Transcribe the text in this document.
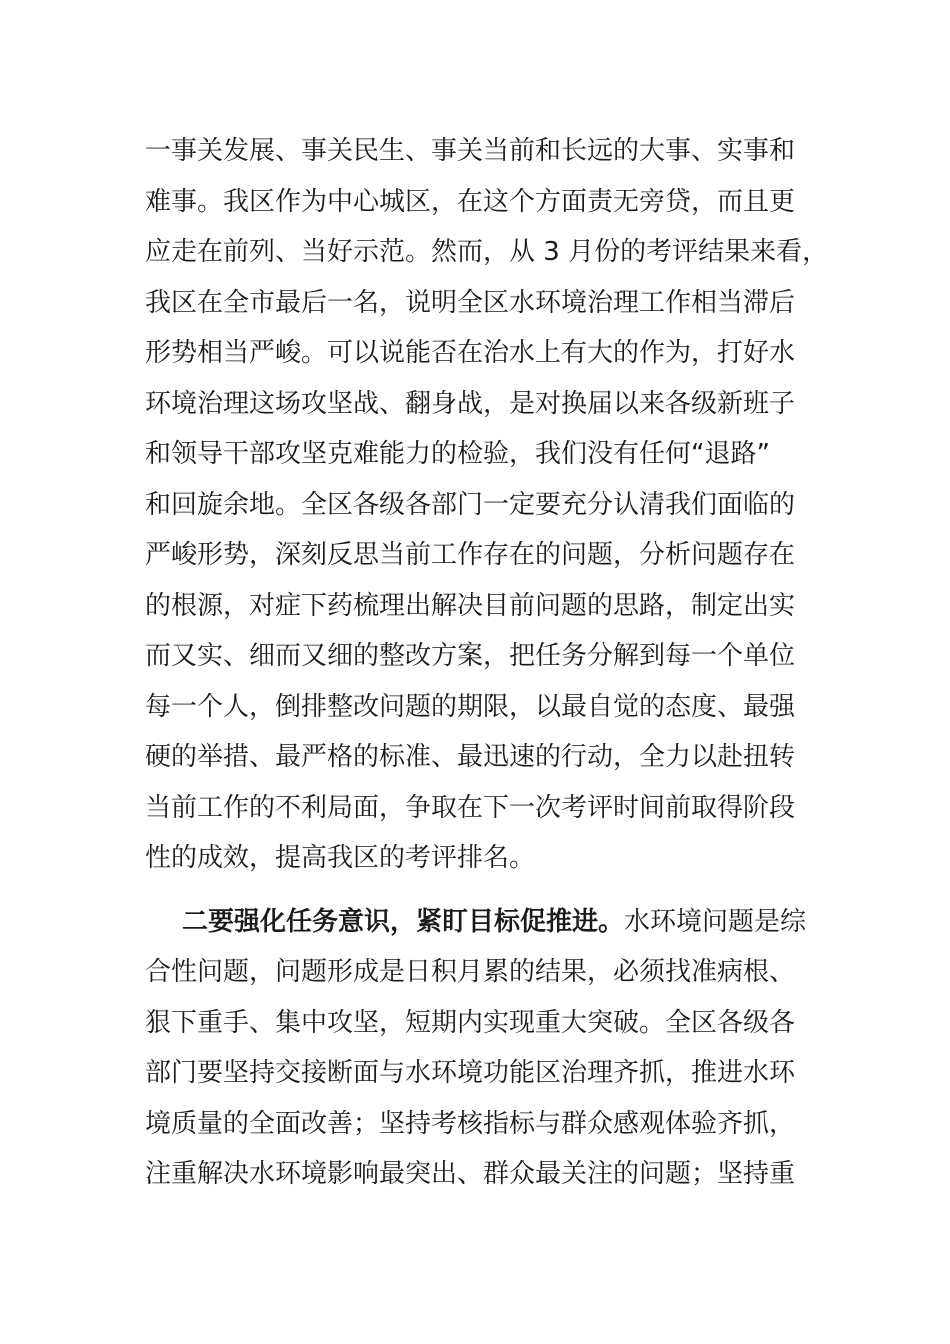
一事关发展、事关民生、事关当前和长远的大事、实事和
难事。我区作为中心城区，在这个方面责无旁贷，而且更
应走在前列、当好示范。然而，从 3 月份的考评结果来看，
我区在全市最后一名，说明全区水环境治理工作相当滞后
形势相当严峻。可以说能否在治水上有大的作为，打好水
环境治理这场攻坚战、翻身战，是对换届以来各级新班子
和领导干部攻坚克难能力的检验，我们没有任何“退路”
和回旋余地。全区各级各部门一定要充分认清我们面临的
严峻形势，深刻反思当前工作存在的问题，分析问题存在
的根源，对症下药梳理出解决目前问题的思路，制定出实
而又实、细而又细的整改方案，把任务分解到每一个单位
每一个人，倒排整改问题的期限，以最自觉的态度、最强
硬的举措、最严格的标准、最迅速的行动，全力以赴扭转
当前工作的不利局面，争取在下一次考评时间前取得阶段
性的成效，提高我区的考评排名。
二要强化任务意识，紧盯目标促推进。水环境问题是综
合性问题，问题形成是日积月累的结果，必须找准病根、
狠下重手、集中攻坚，短期内实现重大突破。全区各级各
部门要坚持交接断面与水环境功能区治理齐抓，推进水环
境质量的全面改善；坚持考核指标与群众感观体验齐抓，
注重解决水环境影响最突出、群众最关注的问题；坚持重
